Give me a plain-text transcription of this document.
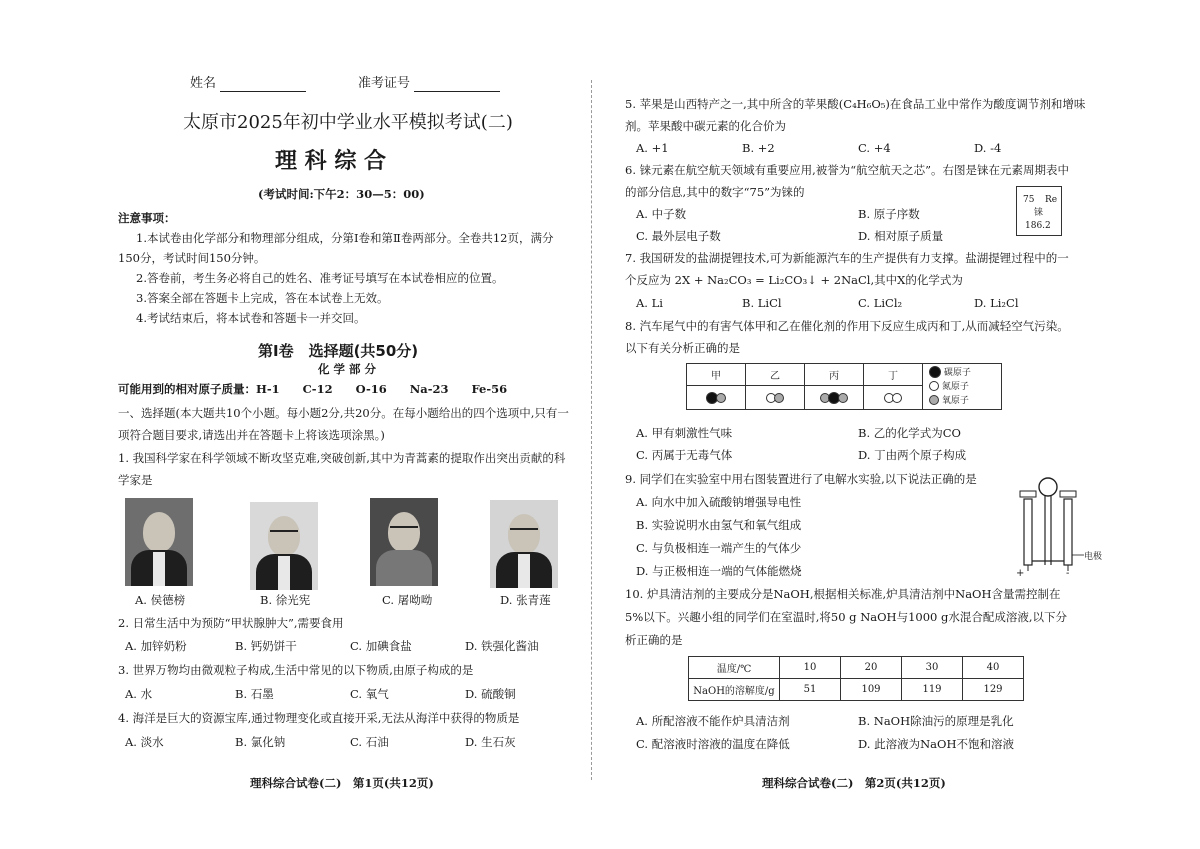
姓名	准考证号
太原市2025年初中学业水平模拟考试(二)
理 科 综 合
(考试时间:下午2：30—5：00)
注意事项：
1.本试卷由化学部分和物理部分组成，分第Ⅰ卷和第Ⅱ卷两部分。全卷共12页，满分
150分，考试时间150分钟。
2.答卷前，考生务必将自己的姓名、准考证号填写在本试卷相应的位置。
3.答案全部在答题卡上完成，答在本试卷上无效。
4.考试结束后，将本试卷和答题卡一并交回。
第Ⅰ卷　选择题(共50分)
化 学 部 分
可能用到的相对原子质量：H-1　　C-12　　O-16　　Na-23　　Fe-56
一、选择题(本大题共10个小题。每小题2分,共20分。在每小题给出的四个选项中,只有一
项符合题目要求,请选出并在答题卡上将该选项涂黑。)
1. 我国科学家在科学领域不断攻坚克难,突破创新,其中为青蒿素的提取作出突出贡献的科
学家是
A. 侯德榜	B. 徐光宪	C. 屠呦呦	D. 张青莲
2. 日常生活中为预防“甲状腺肿大”,需要食用
A. 加锌奶粉	B. 钙奶饼干	C. 加碘食盐	D. 铁强化酱油
3. 世界万物均由微观粒子构成,生活中常见的以下物质,由原子构成的是
A. 水	B. 石墨	C. 氧气	D. 硫酸铜
4. 海洋是巨大的资源宝库,通过物理变化或直接开采,无法从海洋中获得的物质是
A. 淡水	B. 氯化钠	C. 石油	D. 生石灰
理科综合试卷(二)　第1页(共12页)
5. 苹果是山西特产之一,其中所含的苹果酸(C₄H₆O₅)在食品工业中常作为酸度调节剂和增味
剂。苹果酸中碳元素的化合价为
A. +1	B. +2	C. +4	D. -4
6. 铼元素在航空航天领域有重要应用,被誉为“航空航天之芯”。右图是铼在元素周期表中
的部分信息,其中的数字“75”为铼的
A. 中子数	B. 原子序数
C. 最外层电子数	D. 相对原子质量
75 Re
铼
186.2
7. 我国研发的盐湖提锂技术,可为新能源汽车的生产提供有力支撑。盐湖提锂过程中的一
个反应为 2X + Na₂CO₃ = Li₂CO₃↓ + 2NaCl,其中X的化学式为
A. Li	B. LiCl	C. LiCl₂	D. Li₂Cl
8. 汽车尾气中的有害气体甲和乙在催化剂的作用下反应生成丙和丁,从而减轻空气污染。
以下有关分析正确的是
甲	乙	丙	丁	碳原子
氮原子
氧原子

A. 甲有刺激性气味	B. 乙的化学式为CO
C. 丙属于无毒气体	D. 丁由两个原子构成
9. 同学们在实验室中用右图装置进行了电解水实验,以下说法正确的是
A. 向水中加入硫酸钠增强导电性
B. 实验说明水由氢气和氧气组成
C. 与负极相连一端产生的气体少
D. 与正极相连一端的气体能燃烧
电极
+	-
10. 炉具清洁剂的主要成分是NaOH,根据相关标准,炉具清洁剂中NaOH含量需控制在
5%以下。兴趣小组的同学们在室温时,将50 g NaOH与1000 g水混合配成溶液,以下分
析正确的是
温度/℃	10	20	30	40
NaOH的溶解度/g	51	109	119	129
A. 所配溶液不能作炉具清洁剂	B. NaOH除油污的原理是乳化
C. 配溶液时溶液的温度在降低	D. 此溶液为NaOH不饱和溶液
理科综合试卷(二)　第2页(共12页)
